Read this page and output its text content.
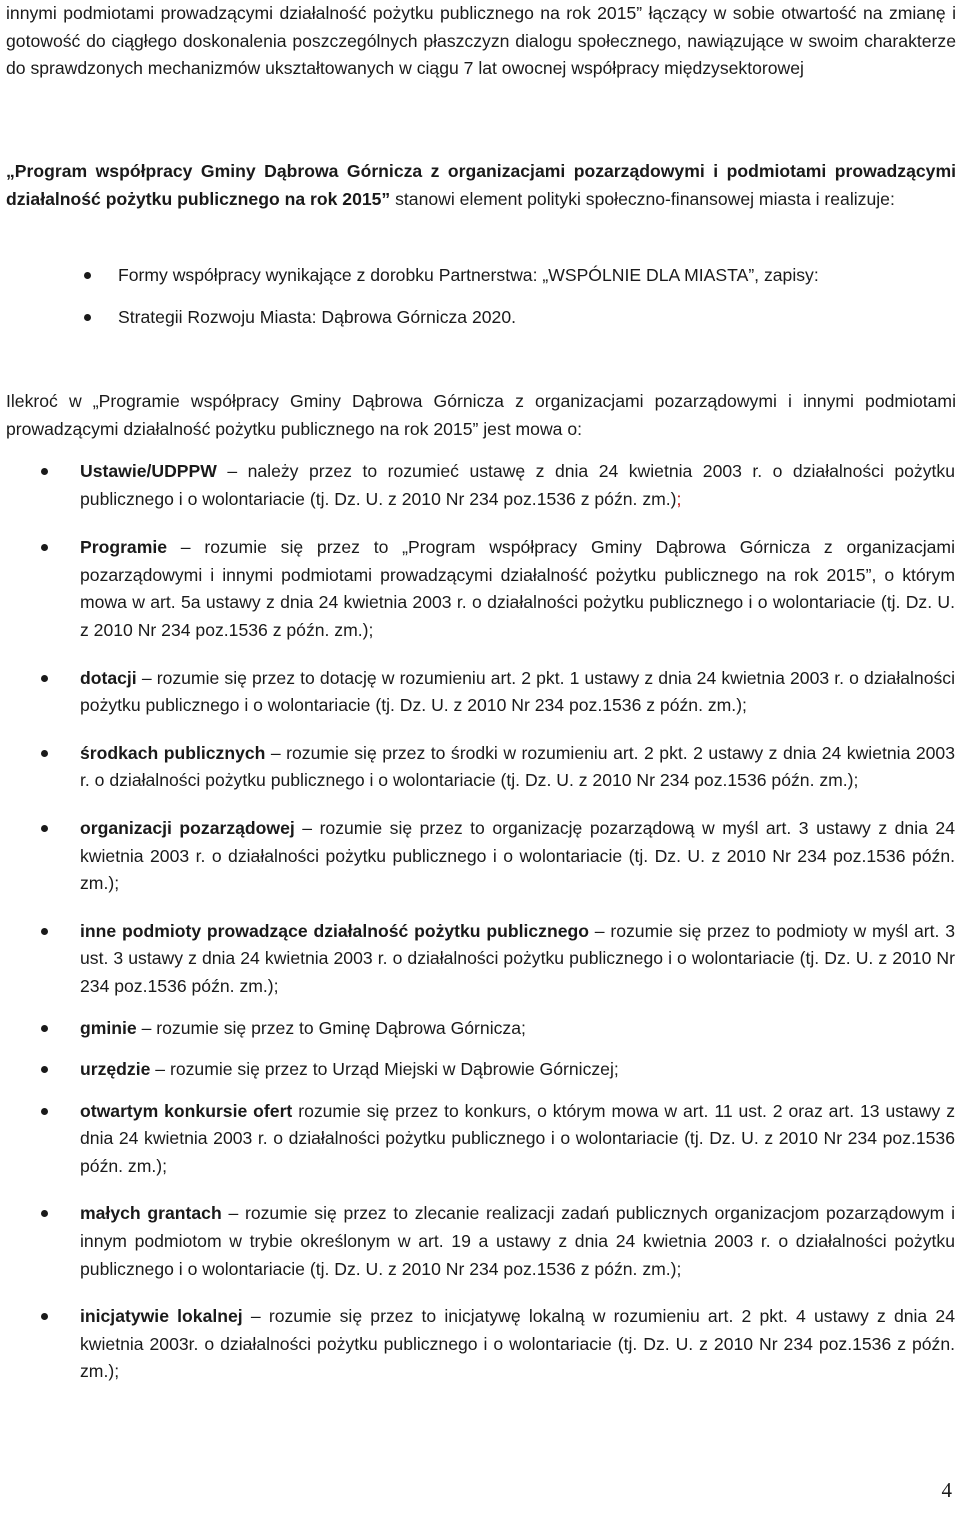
innymi podmiotami prowadzącymi działalność pożytku publicznego na rok 2015” łączący w sobie otwartość na zmianę i gotowość do ciągłego doskonalenia poszczególnych płaszczyzn dialogu społecznego, nawiązujące w swoim charakterze do sprawdzonych mechanizmów ukształtowanych w ciągu 7 lat owocnej współpracy międzysektorowej

„Program współpracy Gminy Dąbrowa Górnicza z organizacjami pozarządowymi i podmiotami prowadzącymi działalność pożytku publicznego na rok 2015” stanowi element polityki społeczno-finansowej miasta i realizuje:

Formy współpracy wynikające z dorobku Partnerstwa: „WSPÓLNIE DLA MIASTA”, zapisy:
Strategii Rozwoju Miasta: Dąbrowa Górnicza 2020.

Ilekroć w „Programie współpracy Gminy Dąbrowa Górnicza z organizacjami pozarządowymi i innymi podmiotami prowadzącymi działalność pożytku publicznego na rok 2015” jest mowa o:

Ustawie/UDPPW – należy przez to rozumieć ustawę z dnia 24 kwietnia 2003 r. o działalności pożytku publicznego i o wolontariacie (tj. Dz. U. z 2010 Nr 234 poz.1536 z późn. zm.);
Programie – rozumie się przez to „Program współpracy Gminy Dąbrowa Górnicza z organizacjami pozarządowymi i innymi podmiotami prowadzącymi działalność pożytku publicznego na rok 2015”, o którym mowa w art. 5a ustawy z dnia 24 kwietnia 2003 r. o działalności pożytku publicznego i o wolontariacie (tj. Dz. U. z 2010 Nr 234 poz.1536 z późn. zm.);
dotacji – rozumie się przez to dotację w rozumieniu art. 2 pkt. 1 ustawy z dnia 24 kwietnia 2003 r. o działalności pożytku publicznego i o wolontariacie (tj. Dz. U. z 2010 Nr 234 poz.1536 z późn. zm.);
środkach publicznych – rozumie się przez to środki w rozumieniu art. 2 pkt. 2 ustawy z dnia 24 kwietnia 2003 r. o działalności pożytku publicznego i o wolontariacie (tj. Dz. U. z 2010 Nr 234 poz.1536 późn. zm.);
organizacji pozarządowej – rozumie się przez to organizację pozarządową w myśl art. 3 ustawy z dnia 24 kwietnia 2003 r. o działalności pożytku publicznego i o wolontariacie (tj. Dz. U. z 2010 Nr 234 poz.1536 późn. zm.);
inne podmioty prowadzące działalność pożytku publicznego – rozumie się przez to podmioty w myśl art. 3 ust. 3 ustawy z dnia 24 kwietnia 2003 r. o działalności pożytku publicznego i o wolontariacie (tj. Dz. U. z 2010 Nr 234 poz.1536 późn. zm.);
gminie – rozumie się przez to Gminę Dąbrowa Górnicza;
urzędzie – rozumie się przez to Urząd Miejski w Dąbrowie Górniczej;
otwartym konkursie ofert rozumie się przez to konkurs, o którym mowa w art. 11 ust. 2 oraz art. 13 ustawy z dnia 24 kwietnia 2003 r. o działalności pożytku publicznego i o wolontariacie (tj. Dz. U. z 2010 Nr 234 poz.1536 późn. zm.);
małych grantach – rozumie się przez to zlecanie realizacji zadań publicznych organizacjom pozarządowym i innym podmiotom w trybie określonym w art. 19 a ustawy z dnia 24 kwietnia 2003 r. o działalności pożytku publicznego i o wolontariacie (tj. Dz. U. z 2010 Nr 234 poz.1536 z późn. zm.);
inicjatywie lokalnej – rozumie się przez to inicjatywę lokalną w rozumieniu art. 2 pkt. 4 ustawy z dnia 24 kwietnia 2003r. o działalności pożytku publicznego i o wolontariacie (tj. Dz. U. z 2010 Nr 234 poz.1536 z późn. zm.);
4
